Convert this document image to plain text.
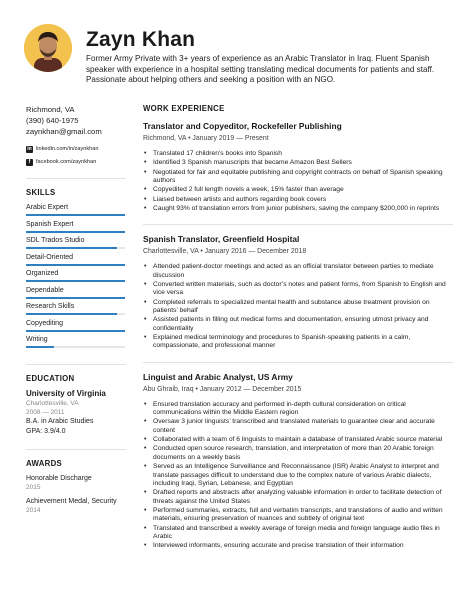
Zayn Khan
Former Army Private with 3+ years of experience as an Arabic Translator in Iraq. Fluent Spanish speaker with experience in a hospital setting translating medical documents for patients and staff. Passionate about helping others and seeking a position with an NGO.
Richmond, VA
(390) 640-1975
zaynkhan@gmail.com
in linkedin.com/in/zaynkhan
f	facebook.com/zaynkhan
SKILLS
Arabic Expert
Spanish Expert
SDL Trados Studio
Detail-Oriented
Organized
Dependable
Research Skills
Copyediting
Writing
EDUCATION
University of Virginia
Charlottesville, VA
2008 — 2011
B.A. in Arabic Studies
GPA: 3.9/4.0
AWARDS
Honorable Discharge
2015
Achievement Medal, Security
2014
WORK EXPERIENCE
Translator and Copyeditor, Rockefeller Publishing
Richmond, VA • January 2019 — Present
• Translated 17 children’s books into Spanish
• Identified 3 Spanish manuscripts that became Amazon Best Sellers
• Negotiated for fair and equitable publishing and copyright contracts on behalf of Spanish speaking authors
• Copyedited 2 full length novels a week, 15% faster than average
• Liaised between artists and authors regarding book covers
• Caught 93% of translation errors from junior publishers, saving the company $200,000 in reprints
Spanish Translator, Greenfield Hospital
Charlottesville, VA • January 2016 — December 2018
• Attended patient-doctor meetings and acted as an official translator between parties to mediate discussion
• Converted written materials, such as doctor’s notes and patient forms, from Spanish to English and vice versa
• Completed referrals to specialized mental health and substance abuse treatment provision on patients’ behalf
• Assisted patients in filling out medical forms and documentation, ensuring utmost privacy and confidentiality
• Explained medical terminology and procedures to Spanish-speaking patients in a calm, compassionate, and professional manner
Linguist and Arabic Analyst, US Army
Abu Ghraib, Iraq • January 2012 — December 2015
• Ensured translation accuracy and performed in-depth cultural consideration on critical communications within the Middle Eastern region
• Oversaw 3 junior linguists’ transcribed and translated materials to guarantee clear and accurate content
• Collaborated with a team of 6 linguists to maintain a database of translated Arabic source material
• Conducted open source research, translation, and interpretation of more than 20 Arabic foreign documents on a weekly basis
• Served as an Intelligence Surveillance and Reconnaissance (ISR) Arabic Analyst to interpret and translate passages difficult to understand due to the complex nature of various Arabic dialects, including Iraqi, Syrian, Lebanese, and Egyptian
• Drafted reports and abstracts after analyzing valuable information in order to facilitate detection of threats against the United States
• Performed summaries, extracts, full and verbatim transcripts, and translations of audio and written materials, ensuring preservation of nuances and subtlety of original text
• Translated and transcribed a weekly average of foreign media and foreign language audio files in Arabic
• Interviewed informants, ensuring accurate and precise translation of their information
